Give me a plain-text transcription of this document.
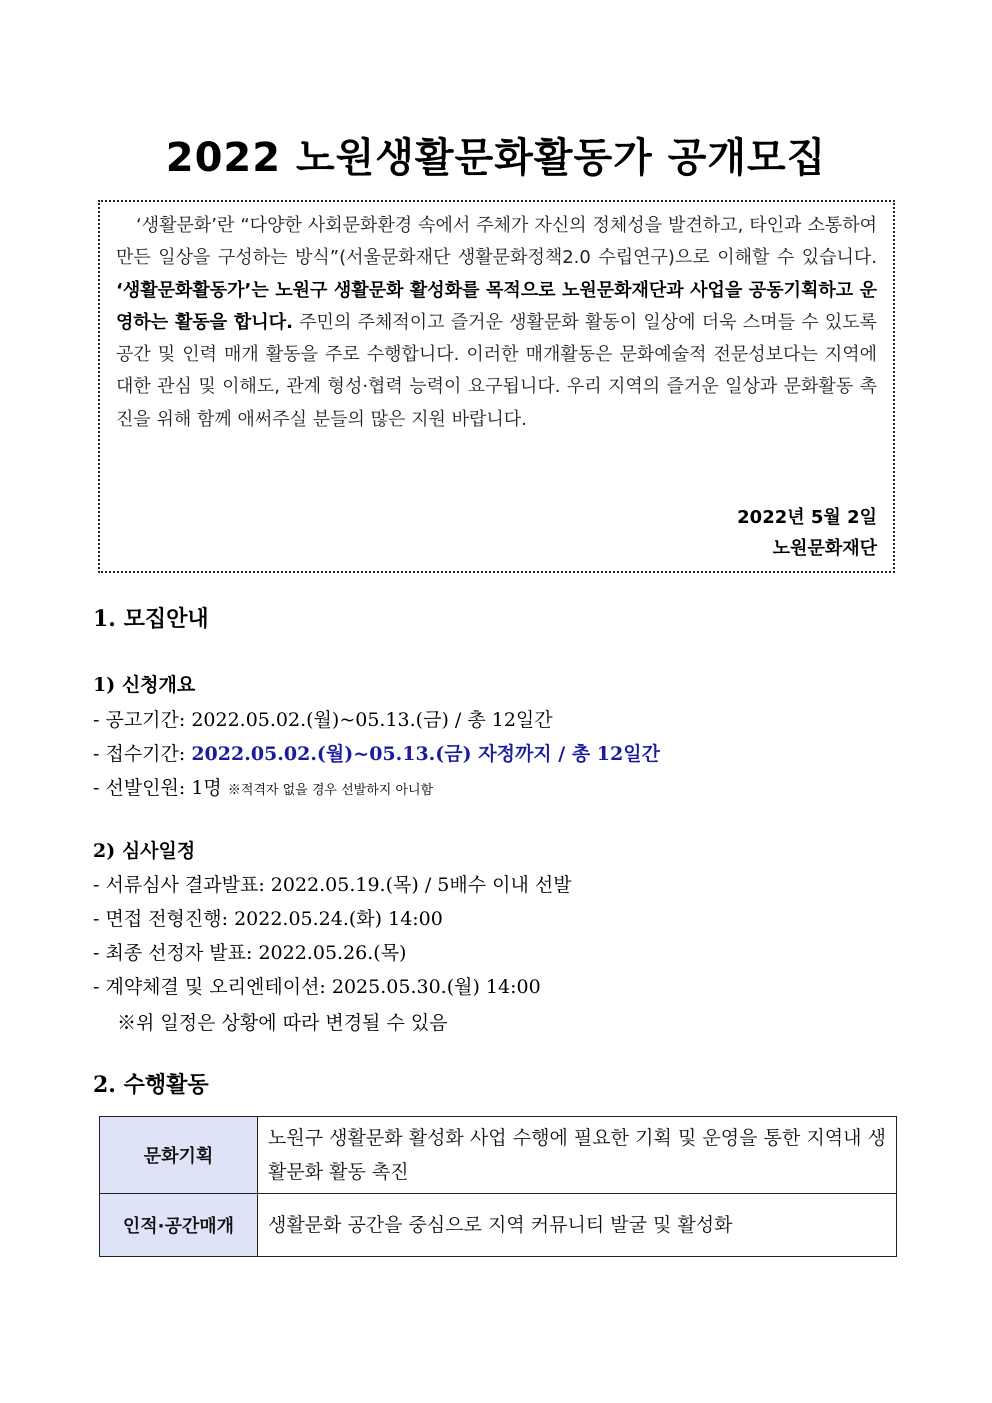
2022 노원생활문화활동가 공개모집

‘생활문화’란 “다양한 사회문화환경 속에서 주체가 자신의 정체성을 발견하고, 타인과 소통하여 만든 일상을 구성하는 방식”(서울문화재단 생활문화정책2.0 수립연구)으로 이해할 수 있습니다. ‘생활문화활동가’는 노원구 생활문화 활성화를 목적으로 노원문화재단과 사업을 공동기획하고 운영하는 활동을 합니다. 주민의 주체적이고 즐거운 생활문화 활동이 일상에 더욱 스며들 수 있도록 공간 및 인력 매개 활동을 주로 수행합니다. 이러한 매개활동은 문화예술적 전문성보다는 지역에 대한 관심 및 이해도, 관계 형성·협력 능력이 요구됩니다. 우리 지역의 즐거운 일상과 문화활동 촉진을 위해 함께 애써주실 분들의 많은 지원 바랍니다.

2022년 5월 2일
노원문화재단
1. 모집안내
1) 신청개요
- 공고기간: 2022.05.02.(월)~05.13.(금) / 총 12일간
- 접수기간: 2022.05.02.(월)~05.13.(금) 자정까지 / 총 12일간
- 선발인원: 1명 ※적격자 없을 경우 선발하지 아니함
2) 심사일정
- 서류심사 결과발표: 2022.05.19.(목) / 5배수 이내 선발
- 면접 전형진행: 2022.05.24.(화) 14:00
- 최종 선정자 발표: 2022.05.26.(목)
- 계약체결 및 오리엔테이션: 2025.05.30.(월) 14:00
※위 일정은 상황에 따라 변경될 수 있음
2. 수행활동
문화기획	노원구 생활문화 활성화 사업 수행에 필요한 기획 및 운영을 통한 지역내 생활문화 활동 촉진
인적·공간매개	생활문화 공간을 중심으로 지역 커뮤니티 발굴 및 활성화
